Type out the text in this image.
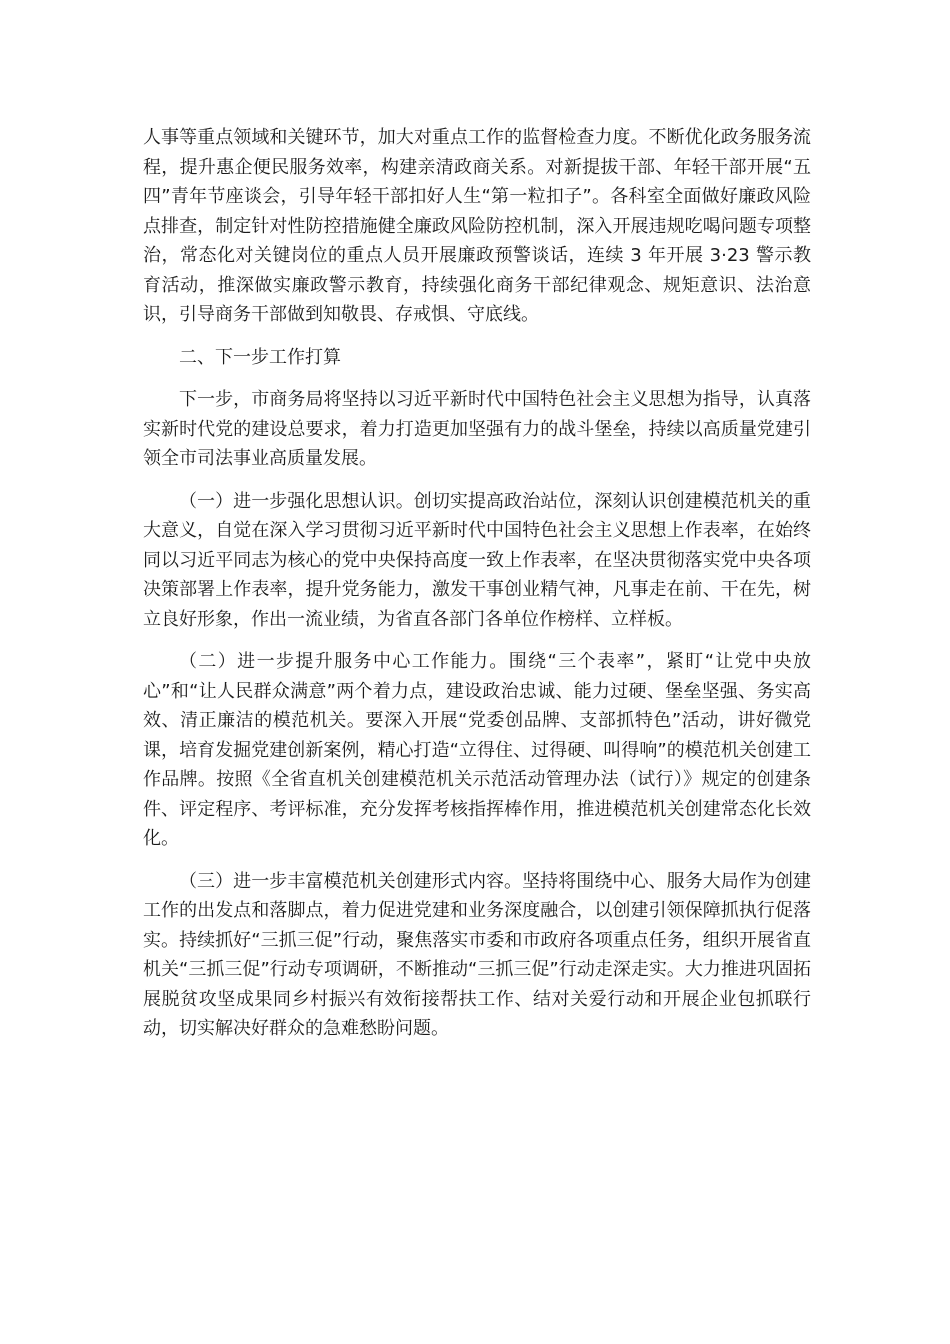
人事等重点领域和关键环节，加大对重点工作的监督检查力度。不断优化政务服务流程，提升惠企便民服务效率，构建亲清政商关系。对新提拔干部、年轻干部开展“五四”青年节座谈会，引导年轻干部扣好人生“第一粒扣子”。各科室全面做好廉政风险点排查，制定针对性防控措施健全廉政风险防控机制，深入开展违规吃喝问题专项整治，常态化对关键岗位的重点人员开展廉政预警谈话，连续 3 年开展 3·23 警示教育活动，推深做实廉政警示教育，持续强化商务干部纪律观念、规矩意识、法治意识，引导商务干部做到知敬畏、存戒惧、守底线。

二、下一步工作打算

下一步，市商务局将坚持以习近平新时代中国特色社会主义思想为指导，认真落实新时代党的建设总要求，着力打造更加坚强有力的战斗堡垒，持续以高质量党建引领全市司法事业高质量发展。

（一）进一步强化思想认识。创切实提高政治站位，深刻认识创建模范机关的重大意义，自觉在深入学习贯彻习近平新时代中国特色社会主义思想上作表率，在始终同以习近平同志为核心的党中央保持高度一致上作表率，在坚决贯彻落实党中央各项决策部署上作表率，提升党务能力，激发干事创业精气神，凡事走在前、干在先，树立良好形象，作出一流业绩，为省直各部门各单位作榜样、立样板。

（二）进一步提升服务中心工作能力。围绕“三个表率”，紧盯“让党中央放心”和“让人民群众满意”两个着力点，建设政治忠诚、能力过硬、堡垒坚强、务实高效、清正廉洁的模范机关。要深入开展“党委创品牌、支部抓特色”活动，讲好微党课，培育发掘党建创新案例，精心打造“立得住、过得硬、叫得响”的模范机关创建工作品牌。按照《全省直机关创建模范机关示范活动管理办法（试行）》规定的创建条件、评定程序、考评标准，充分发挥考核指挥棒作用，推进模范机关创建常态化长效化。

（三）进一步丰富模范机关创建形式内容。坚持将围绕中心、服务大局作为创建工作的出发点和落脚点，着力促进党建和业务深度融合，以创建引领保障抓执行促落实。持续抓好“三抓三促”行动，聚焦落实市委和市政府各项重点任务，组织开展省直机关“三抓三促”行动专项调研，不断推动“三抓三促”行动走深走实。大力推进巩固拓展脱贫攻坚成果同乡村振兴有效衔接帮扶工作、结对关爱行动和开展企业包抓联行动，切实解决好群众的急难愁盼问题。
